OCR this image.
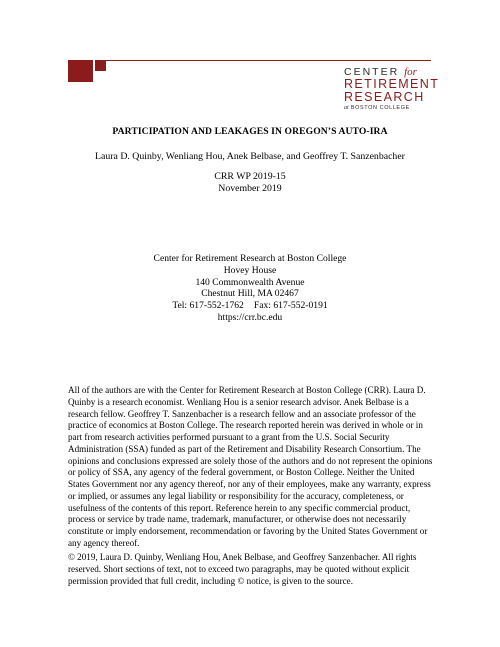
CENTER for
RETIREMENT
RESEARCH
at BOSTON COLLEGE
PARTICIPATION AND LEAKAGES IN OREGON’S AUTO-IRA
Laura D. Quinby, Wenliang Hou, Anek Belbase, and Geoffrey T. Sanzenbacher
CRR WP 2019-15
November 2019
Center for Retirement Research at Boston College
Hovey House
140 Commonwealth Avenue
Chestnut Hill, MA 02467
Tel: 617-552-1762 Fax: 617-552-0191
https://crr.bc.edu
All of the authors are with the Center for Retirement Research at Boston College (CRR). Laura D. Quinby is a research economist. Wenliang Hou is a senior research advisor. Anek Belbase is a research fellow. Geoffrey T. Sanzenbacher is a research fellow and an associate professor of the practice of economics at Boston College. The research reported herein was derived in whole or in part from research activities performed pursuant to a grant from the U.S. Social Security Administration (SSA) funded as part of the Retirement and Disability Research Consortium. The opinions and conclusions expressed are solely those of the authors and do not represent the opinions or policy of SSA, any agency of the federal government, or Boston College. Neither the United States Government nor any agency thereof, nor any of their employees, make any warranty, express or implied, or assumes any legal liability or responsibility for the accuracy, completeness, or usefulness of the contents of this report. Reference herein to any specific commercial product, process or service by trade name, trademark, manufacturer, or otherwise does not necessarily constitute or imply endorsement, recommendation or favoring by the United States Government or any agency thereof.
© 2019, Laura D. Quinby, Wenliang Hou, Anek Belbase, and Geoffrey Sanzenbacher. All rights reserved. Short sections of text, not to exceed two paragraphs, may be quoted without explicit permission provided that full credit, including © notice, is given to the source.
